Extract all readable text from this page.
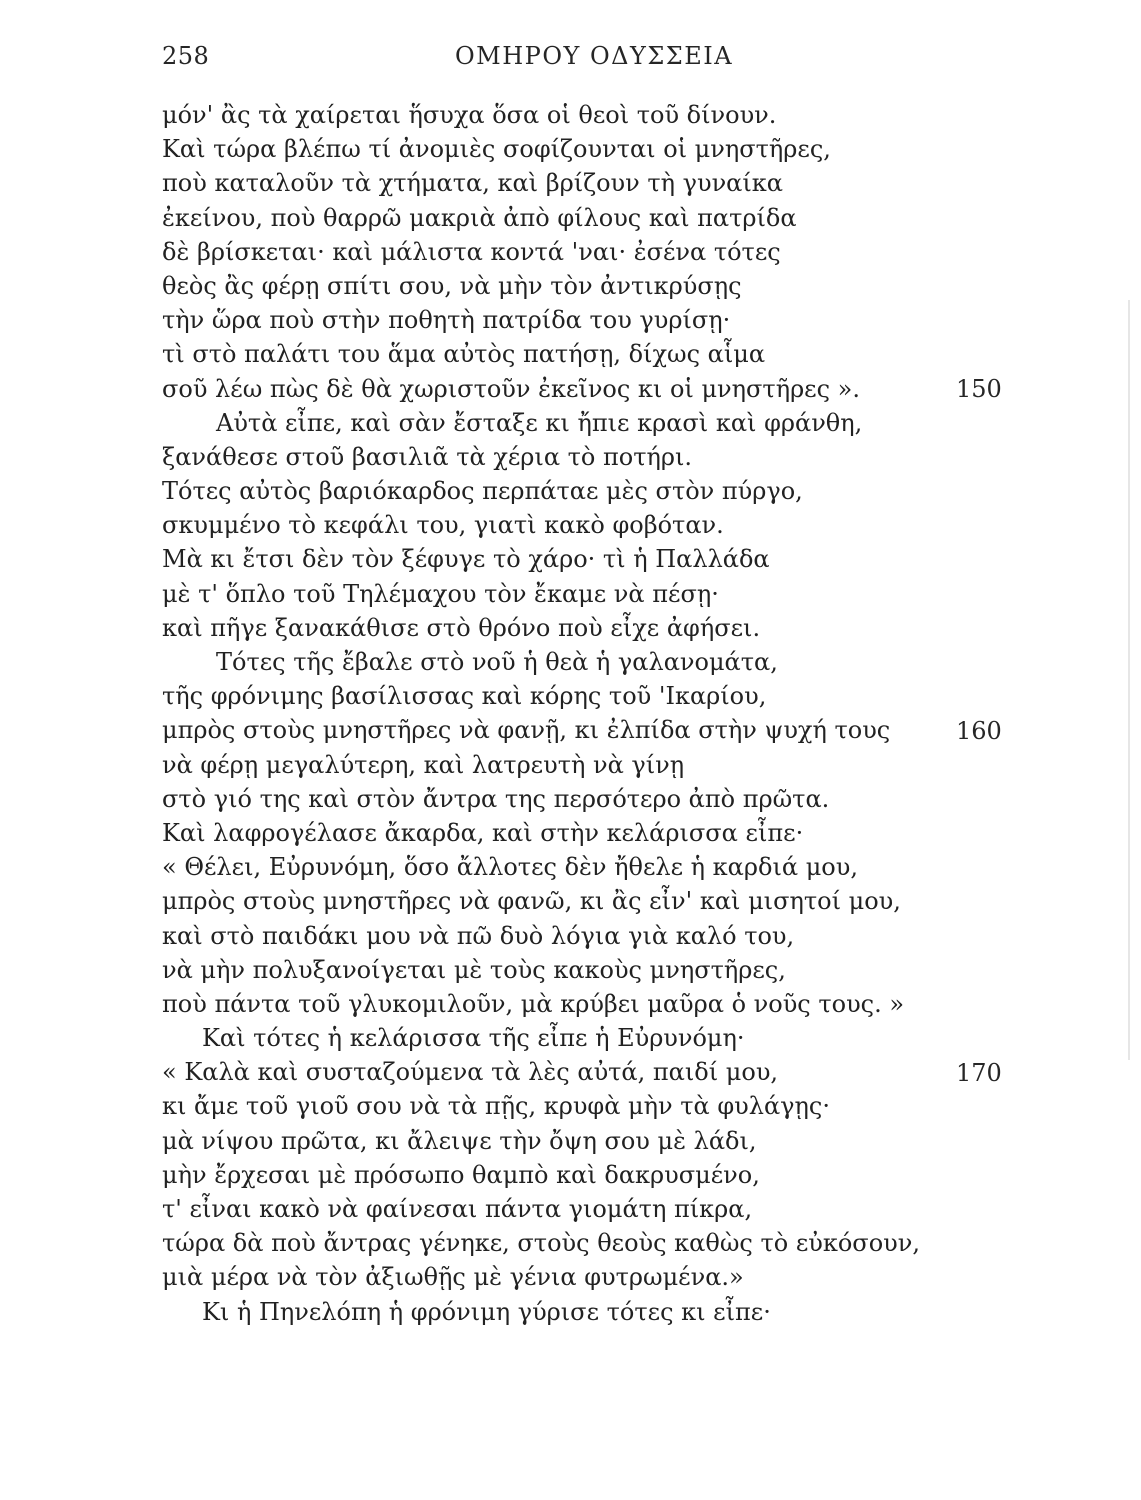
258	ΟΜΗΡΟΥ ΟΔΥΣΣΕΙΑ
μόν' ἂς τὰ χαίρεται ἥσυχα ὅσα οἱ θεοὶ τοῦ δίνουν.
Καὶ τώρα βλέπω τί ἀνομιὲς σοφίζουνται οἱ μνηστῆρες,
ποὺ καταλοῦν τὰ χτήματα, καὶ βρίζουν τὴ γυναίκα
ἐκείνου, ποὺ θαρρῶ μακριὰ ἀπὸ φίλους καὶ πατρίδα
δὲ βρίσκεται· καὶ μάλιστα κοντά 'ναι· ἐσένα τότες
θεὸς ἂς φέρῃ σπίτι σου, νὰ μὴν τὸν ἀντικρύσῃς
τὴν ὥρα ποὺ στὴν ποθητὴ πατρίδα του γυρίσῃ·
τὶ στὸ παλάτι του ἅμα αὐτὸς πατήσῃ, δίχως αἷμα
σοῦ λέω πὼς δὲ θὰ χωριστοῦν ἐκεῖνος κι οἱ μνηστῆρες ».
Αὐτὰ εἶπε, καὶ σὰν ἔσταξε κι ἤπιε κρασὶ καὶ φράνθη,
ξανάθεσε στοῦ βασιλιᾶ τὰ χέρια τὸ ποτήρι.
Τότες αὐτὸς βαριόκαρδος περπάταε μὲς στὸν πύργο,
σκυμμένο τὸ κεφάλι του, γιατὶ κακὸ φοβόταν.
Μὰ κι ἔτσι δὲν τὸν ξέφυγε τὸ χάρο· τὶ ἡ Παλλάδα
μὲ τ' ὅπλο τοῦ Τηλέμαχου τὸν ἔκαμε νὰ πέσῃ·
καὶ πῆγε ξανακάθισε στὸ θρόνο ποὺ εἶχε ἀφήσει.
Τότες τῆς ἔβαλε στὸ νοῦ ἡ θεὰ ἡ γαλανομάτα,
τῆς φρόνιμης βασίλισσας καὶ κόρης τοῦ 'Ικαρίου,
μπρὸς στοὺς μνηστῆρες νὰ φανῇ, κι ἐλπίδα στὴν ψυχή τους
νὰ φέρῃ μεγαλύτερη, καὶ λατρευτὴ νὰ γίνῃ
στὸ γιό της καὶ στὸν ἄντρα της περσότερο ἀπὸ πρῶτα.
Καὶ λαφρογέλασε ἄκαρδα, καὶ στὴν κελάρισσα εἶπε·
« Θέλει, Εὐρυνόμη, ὅσο ἄλλοτες δὲν ἤθελε ἡ καρδιά μου,
μπρὸς στοὺς μνηστῆρες νὰ φανῶ, κι ἂς εἶν' καὶ μισητοί μου,
καὶ στὸ παιδάκι μου νὰ πῶ δυὸ λόγια γιὰ καλό του,
νὰ μὴν πολυξανοίγεται μὲ τοὺς κακοὺς μνηστῆρες,
ποὺ πάντα τοῦ γλυκομιλοῦν, μὰ κρύβει μαῦρα ὁ νοῦς τους. »
Καὶ τότες ἡ κελάρισσα τῆς εἶπε ἡ Εὐρυνόμη·
« Καλὰ καὶ συσταζούμενα τὰ λὲς αὐτά, παιδί μου,
κι ἄμε τοῦ γιοῦ σου νὰ τὰ πῇς, κρυφὰ μὴν τὰ φυλάγῃς·
μὰ νίψου πρῶτα, κι ἄλειψε τὴν ὄψη σου μὲ λάδι,
μὴν ἔρχεσαι μὲ πρόσωπο θαμπὸ καὶ δακρυσμένο,
τ' εἶναι κακὸ νὰ φαίνεσαι πάντα γιομάτη πίκρα,
τώρα δὰ ποὺ ἄντρας γένηκε, στοὺς θεοὺς καθὼς τὸ εὐκόσουν,
μιὰ μέρα νὰ τὸν ἀξιωθῇς μὲ γένια φυτρωμένα.»
Κι ἡ Πηνελόπη ἡ φρόνιμη γύρισε τότες κι εἶπε·
150
160
170
